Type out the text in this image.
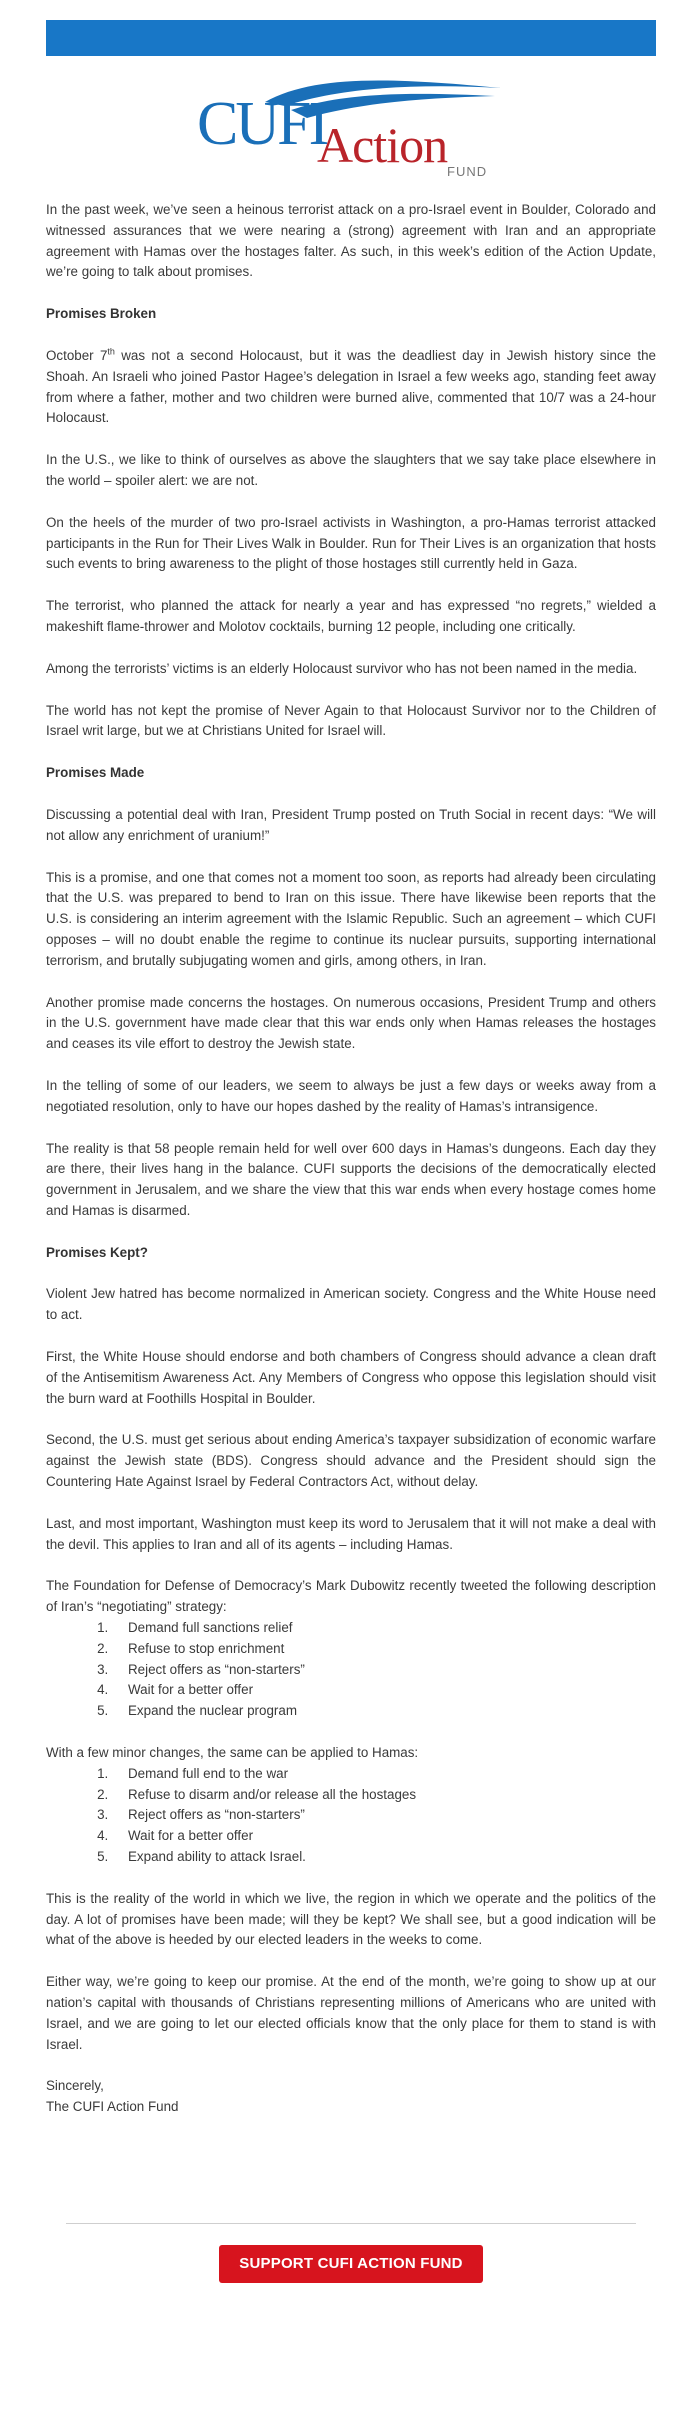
CUFI
Action FUND

In the past week, we’ve seen a heinous terrorist attack on a pro-Israel event in Boulder, Colorado and witnessed assurances that we were nearing a (strong) agreement with Iran and an appropriate agreement with Hamas over the hostages falter. As such, in this week’s edition of the Action Update, we’re going to talk about promises.

Promises Broken

October 7th was not a second Holocaust, but it was the deadliest day in Jewish history since the Shoah. An Israeli who joined Pastor Hagee’s delegation in Israel a few weeks ago, standing feet away from where a father, mother and two children were burned alive, commented that 10/7 was a 24-hour Holocaust.

In the U.S., we like to think of ourselves as above the slaughters that we say take place elsewhere in the world – spoiler alert: we are not.

On the heels of the murder of two pro-Israel activists in Washington, a pro-Hamas terrorist attacked participants in the Run for Their Lives Walk in Boulder. Run for Their Lives is an organization that hosts such events to bring awareness to the plight of those hostages still currently held in Gaza.

The terrorist, who planned the attack for nearly a year and has expressed “no regrets,” wielded a makeshift flame-thrower and Molotov cocktails, burning 12 people, including one critically.

Among the terrorists’ victims is an elderly Holocaust survivor who has not been named in the media.

The world has not kept the promise of Never Again to that Holocaust Survivor nor to the Children of Israel writ large, but we at Christians United for Israel will.

Promises Made

Discussing a potential deal with Iran, President Trump posted on Truth Social in recent days: “We will not allow any enrichment of uranium!”

This is a promise, and one that comes not a moment too soon, as reports had already been circulating that the U.S. was prepared to bend to Iran on this issue. There have likewise been reports that the U.S. is considering an interim agreement with the Islamic Republic. Such an agreement – which CUFI opposes – will no doubt enable the regime to continue its nuclear pursuits, supporting international terrorism, and brutally subjugating women and girls, among others, in Iran.

Another promise made concerns the hostages. On numerous occasions, President Trump and others in the U.S. government have made clear that this war ends only when Hamas releases the hostages and ceases its vile effort to destroy the Jewish state.

In the telling of some of our leaders, we seem to always be just a few days or weeks away from a negotiated resolution, only to have our hopes dashed by the reality of Hamas’s intransigence.

The reality is that 58 people remain held for well over 600 days in Hamas’s dungeons. Each day they are there, their lives hang in the balance. CUFI supports the decisions of the democratically elected government in Jerusalem, and we share the view that this war ends when every hostage comes home and Hamas is disarmed.

Promises Kept?

Violent Jew hatred has become normalized in American society. Congress and the White House need to act.

First, the White House should endorse and both chambers of Congress should advance a clean draft of the Antisemitism Awareness Act. Any Members of Congress who oppose this legislation should visit the burn ward at Foothills Hospital in Boulder.

Second, the U.S. must get serious about ending America’s taxpayer subsidization of economic warfare against the Jewish state (BDS). Congress should advance and the President should sign the Countering Hate Against Israel by Federal Contractors Act, without delay.

Last, and most important, Washington must keep its word to Jerusalem that it will not make a deal with the devil. This applies to Iran and all of its agents – including Hamas.

The Foundation for Defense of Democracy’s Mark Dubowitz recently tweeted the following description of Iran’s “negotiating” strategy:

1. Demand full sanctions relief
2. Refuse to stop enrichment
3. Reject offers as “non-starters”
4. Wait for a better offer
5. Expand the nuclear program

With a few minor changes, the same can be applied to Hamas:

1. Demand full end to the war
2. Refuse to disarm and/or release all the hostages
3. Reject offers as “non-starters”
4. Wait for a better offer
5. Expand ability to attack Israel.

This is the reality of the world in which we live, the region in which we operate and the politics of the day. A lot of promises have been made; will they be kept? We shall see, but a good indication will be what of the above is heeded by our elected leaders in the weeks to come.

Either way, we’re going to keep our promise. At the end of the month, we’re going to show up at our nation’s capital with thousands of Christians representing millions of Americans who are united with Israel, and we are going to let our elected officials know that the only place for them to stand is with Israel.

Sincerely,
The CUFI Action Fund
SUPPORT CUFI ACTION FUND
